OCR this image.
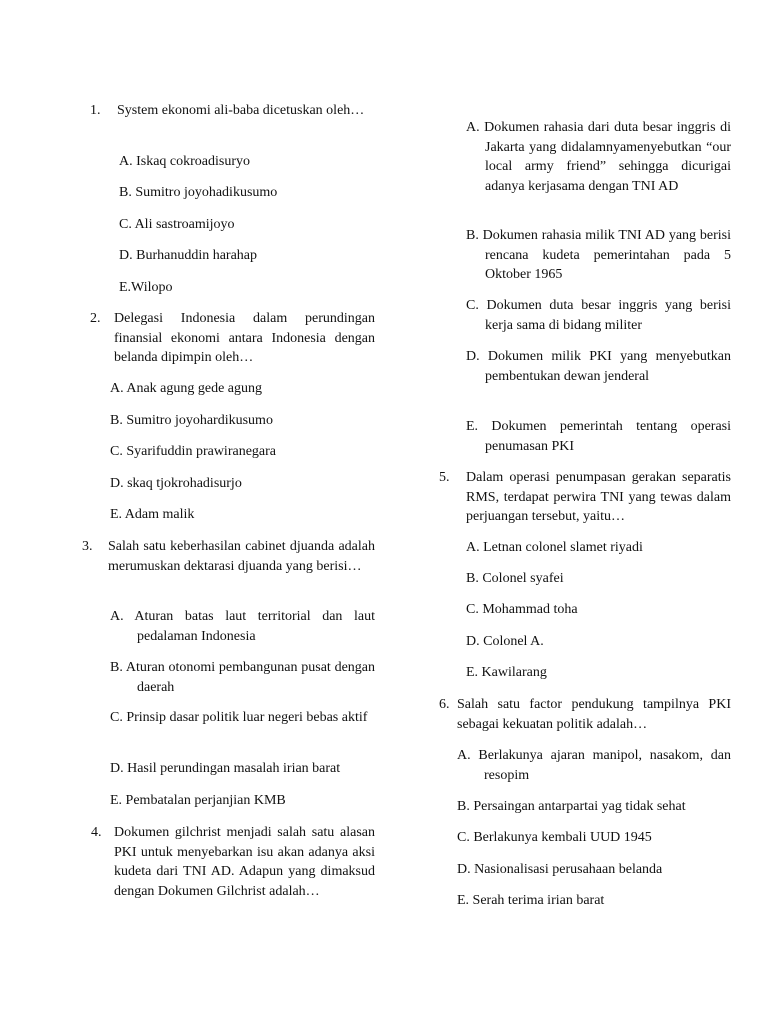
1.	System ekonomi ali-baba dicetuskan oleh…
A. Iskaq cokroadisuryo
B. Sumitro joyohadikusumo
C. Ali sastroamijoyo
D. Burhanuddin harahap
E.Wilopo
2. Delegasi Indonesia dalam perundingan finansial ekonomi antara Indonesia dengan belanda dipimpin oleh…
A. Anak agung gede agung
B. Sumitro joyohardikusumo
C. Syarifuddin prawiranegara
D. skaq tjokrohadisurjo
E. Adam malik
3.	Salah satu keberhasilan cabinet djuanda adalah merumuskan dektarasi djuanda yang berisi…
A. Aturan batas laut territorial dan laut pedalaman Indonesia
B. Aturan otonomi pembangunan pusat dengan daerah
C. Prinsip dasar politik luar negeri bebas aktif
D. Hasil perundingan masalah irian barat
E. Pembatalan perjanjian KMB
4. Dokumen gilchrist menjadi salah satu alasan PKI untuk menyebarkan isu akan adanya aksi kudeta dari TNI AD. Adapun yang dimaksud dengan Dokumen Gilchrist adalah…
A. Dokumen rahasia dari duta besar inggris di Jakarta yang didalamnyamenyebutkan “our local army friend” sehingga dicurigai adanya kerjasama dengan TNI AD
B. Dokumen rahasia milik TNI AD yang berisi rencana kudeta pemerintahan pada 5 Oktober 1965
C. Dokumen duta besar inggris yang berisi kerja sama di bidang militer
D. Dokumen milik PKI yang menyebutkan pembentukan dewan jenderal
E. Dokumen pemerintah tentang operasi penumasan PKI
5.	Dalam operasi penumpasan gerakan separatis RMS, terdapat perwira TNI yang tewas dalam perjuangan tersebut, yaitu…
A. Letnan colonel slamet riyadi
B. Colonel syafei
C. Mohammad toha
D. Colonel A.
E. Kawilarang
6. Salah satu factor pendukung tampilnya PKI sebagai kekuatan politik adalah…
A. Berlakunya ajaran manipol, nasakom, dan resopim
B. Persaingan antarpartai yag tidak sehat
C. Berlakunya kembali UUD 1945
D. Nasionalisasi perusahaan belanda
E. Serah terima irian barat
